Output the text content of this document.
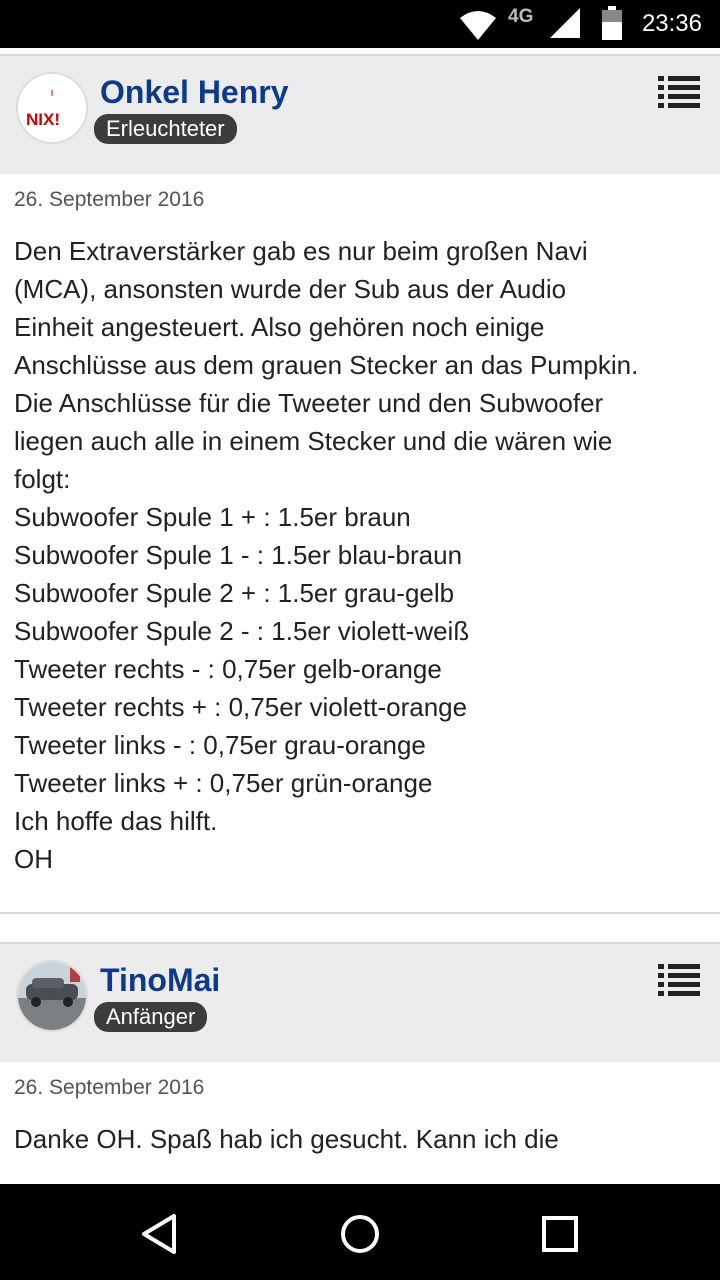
4G	23:36
NIX!
Onkel Henry
Erleuchteter
26. September 2016

Den Extraverstärker gab es nur beim großen Navi

(MCA), ansonsten wurde der Sub aus der Audio

Einheit angesteuert. Also gehören noch einige

Anschlüsse aus dem grauen Stecker an das Pumpkin.

Die Anschlüsse für die Tweeter und den Subwoofer

liegen auch alle in einem Stecker und die wären wie

folgt:

Subwoofer Spule 1 + : 1.5er braun

Subwoofer Spule 1 - : 1.5er blau-braun

Subwoofer Spule 2 + : 1.5er grau-gelb

Subwoofer Spule 2 - : 1.5er violett-weiß

Tweeter rechts - : 0,75er gelb-orange

Tweeter rechts + : 0,75er violett-orange

Tweeter links - : 0,75er grau-orange

Tweeter links + : 0,75er grün-orange

Ich hoffe das hilft.

OH

TinoMai
Anfänger
26. September 2016

Danke OH. Spaß hab ich gesucht. Kann ich die
